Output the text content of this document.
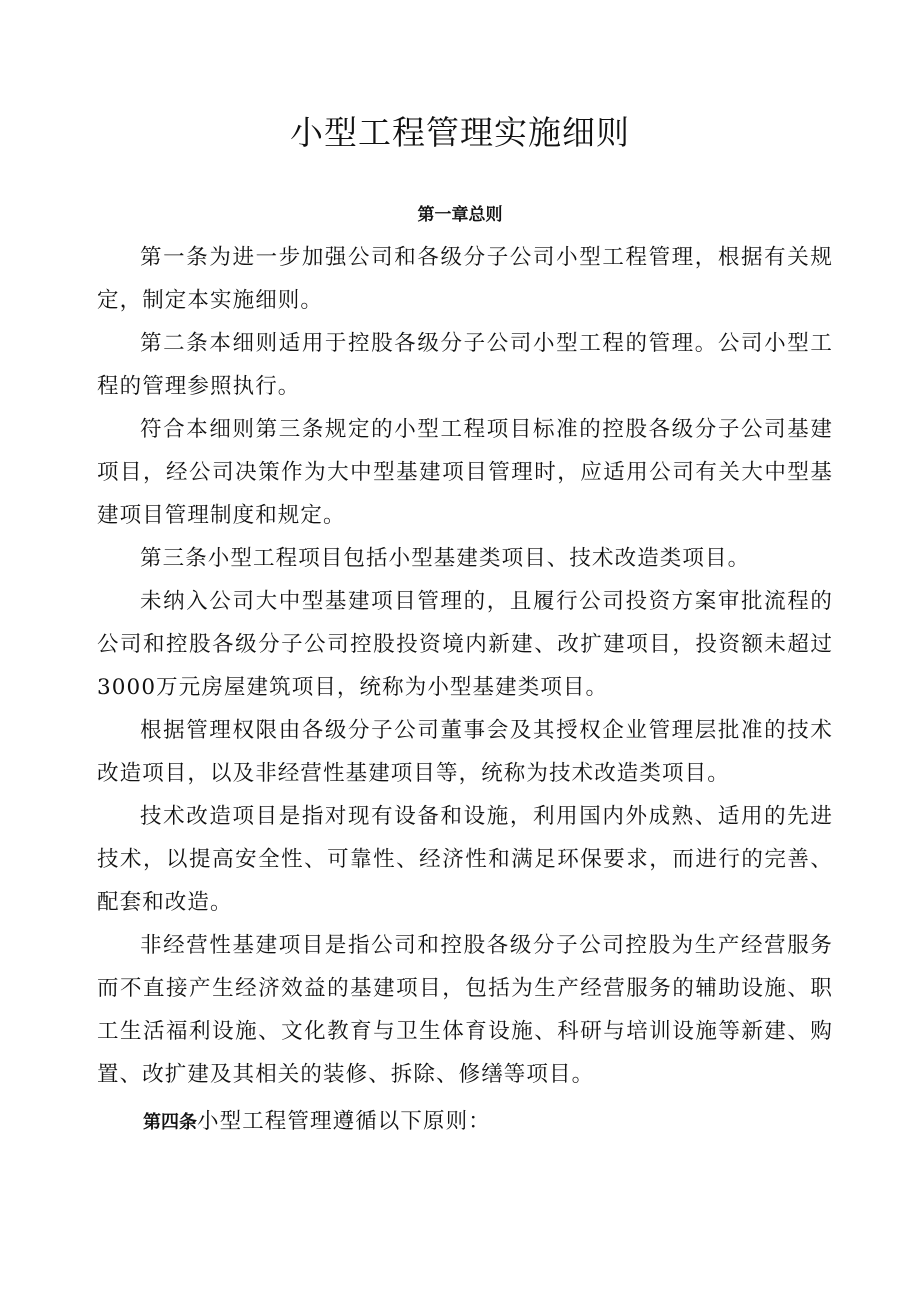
小型工程管理实施细则
第一章总则

第一条为进一步加强公司和各级分子公司小型工程管理，根据有关规定，制定本实施细则。

第二条本细则适用于控股各级分子公司小型工程的管理。公司小型工程的管理参照执行。

符合本细则第三条规定的小型工程项目标准的控股各级分子公司基建项目，经公司决策作为大中型基建项目管理时，应适用公司有关大中型基建项目管理制度和规定。

第三条小型工程项目包括小型基建类项目、技术改造类项目。

未纳入公司大中型基建项目管理的，且履行公司投资方案审批流程的公司和控股各级分子公司控股投资境内新建、改扩建项目，投资额未超过3000万元房屋建筑项目，统称为小型基建类项目。

根据管理权限由各级分子公司董事会及其授权企业管理层批准的技术改造项目，以及非经营性基建项目等，统称为技术改造类项目。

技术改造项目是指对现有设备和设施，利用国内外成熟、适用的先进技术，以提高安全性、可靠性、经济性和满足环保要求，而进行的完善、配套和改造。

非经营性基建项目是指公司和控股各级分子公司控股为生产经营服务而不直接产生经济效益的基建项目，包括为生产经营服务的辅助设施、职工生活福利设施、文化教育与卫生体育设施、科研与培训设施等新建、购置、改扩建及其相关的装修、拆除、修缮等项目。

第四条小型工程管理遵循以下原则：
